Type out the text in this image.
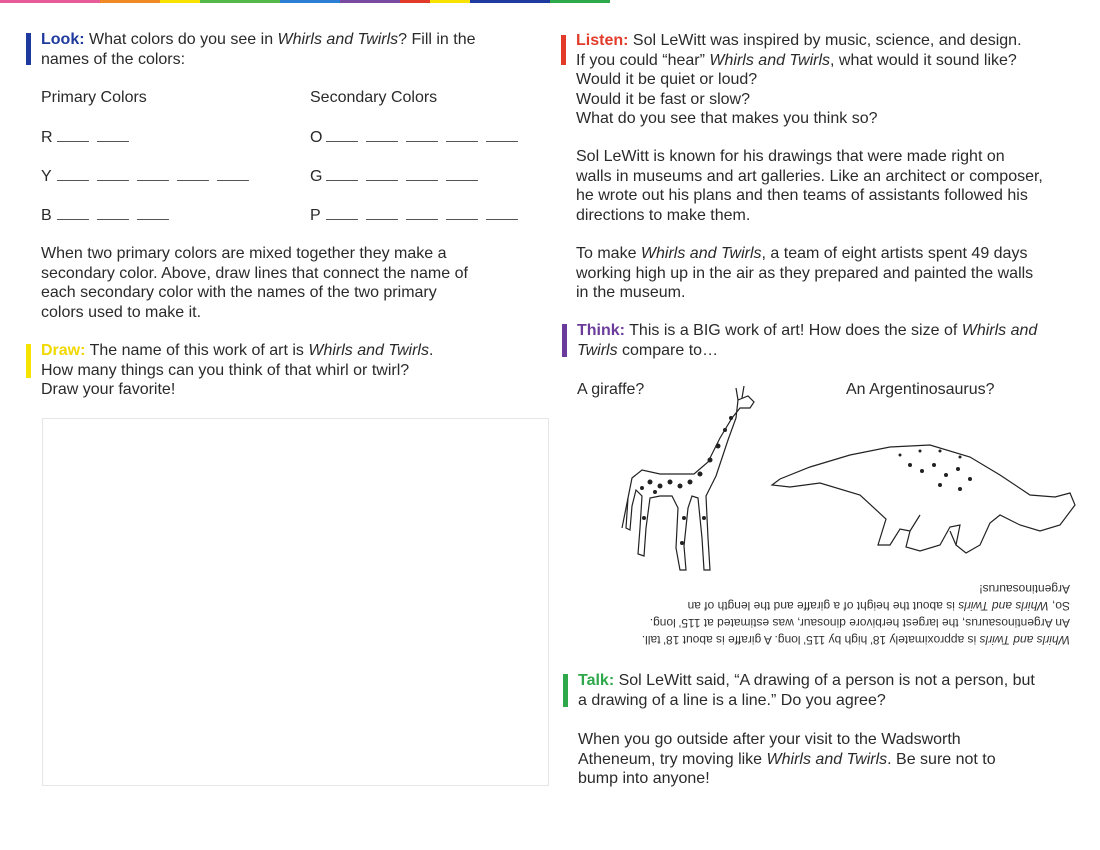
Look: What colors do you see in Whirls and Twirls? Fill in the
names of the colors:

Primary Colors	Secondary Colors
R
Y
B
O
G
P

When two primary colors are mixed together they make a
secondary color. Above, draw lines that connect the name of
each secondary color with the names of the two primary
colors used to make it.

Draw: The name of this work of art is Whirls and Twirls.
How many things can you think of that whirl or twirl?
Draw your favorite!

Listen: Sol LeWitt was inspired by music, science, and design.
If you could “hear” Whirls and Twirls, what would it sound like?
Would it be quiet or loud?
Would it be fast or slow?
What do you see that makes you think so?

Sol LeWitt is known for his drawings that were made right on
walls in museums and art galleries. Like an architect or composer,
he wrote out his plans and then teams of assistants followed his
directions to make them.

To make Whirls and Twirls, a team of eight artists spent 49 days
working high up in the air as they prepared and painted the walls
in the museum.

Think: This is a BIG work of art! How does the size of Whirls and
Twirls compare to…

A giraffe?	An Argentinosaurus?

Whirls and Twirls is approximately 18’ high by 115’ long. A giraffe is about 18’ tall.

An Argentinosaurus, the largest herbivore dinosaur, was estimated at 115’ long.

So, Whirls and Twirls is about the height of a giraffe and the length of an

Argentinosaurus!

Talk: Sol LeWitt said, “A drawing of a person is not a person, but
a drawing of a line is a line.” Do you agree?

When you go outside after your visit to the Wadsworth
Atheneum, try moving like Whirls and Twirls. Be sure not to
bump into anyone!
